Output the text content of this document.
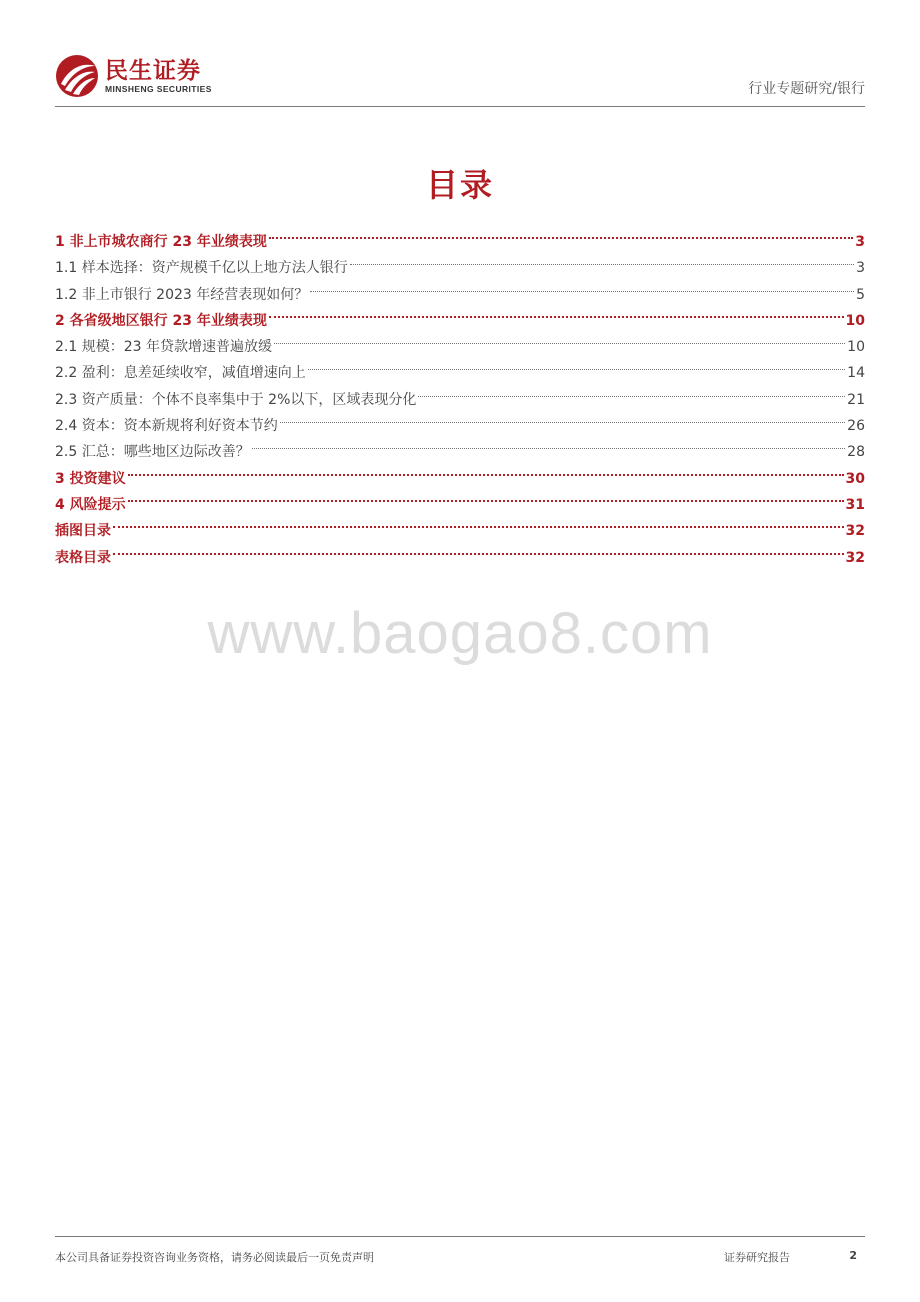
民生证券
MINSHENG SECURITIES	行业专题研究/银行
目录
1 非上市城农商行 23 年业绩表现	3
1.1 样本选择：资产规模千亿以上地方法人银行	3
1.2 非上市银行 2023 年经营表现如何？	5
2 各省级地区银行 23 年业绩表现	10
2.1 规模：23 年贷款增速普遍放缓	10
2.2 盈利：息差延续收窄，减值增速向上	14
2.3 资产质量：个体不良率集中于 2%以下，区域表现分化	21
2.4 资本：资本新规将利好资本节约	26
2.5 汇总：哪些地区边际改善？	28
3 投资建议	30
4 风险提示	31
插图目录	32
表格目录	32
www.baogao8.com
本公司具备证券投资咨询业务资格，请务必阅读最后一页免责声明	证券研究报告	2
